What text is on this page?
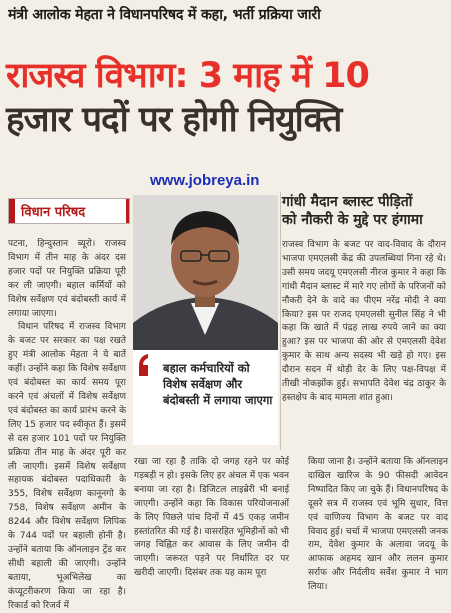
मंत्री आलोक मेहता ने विधानपरिषद में कहा, भर्ती प्रक्रिया जारी
राजस्व विभाग: 3 माह में 10
हजार पदों पर होगी नियुक्ति
www.jobreya.in
विधान परिषद

पटना, हिन्दुस्तान ब्यूरो। राजस्व विभाग में तीन माह के अंदर दस हजार पदों पर नियुक्ति प्रक्रिया पूरी कर ली जाएगी। बहाल कर्मियों को विशेष सर्वेक्षण एवं बंदोबस्ती कार्य में लगाया जाएगा।

विधान परिषद में राजस्व विभाग के बजट पर सरकार का पक्ष रखते हुए मंत्री आलोक मेहता ने ये बातें कहीं। उन्होंने कहा कि विशेष सर्वेक्षण एवं बंदोबस्त का कार्य समय पूरा करने एवं अंचलों में विशेष सर्वेक्षण एवं बंदोबस्त का कार्य प्रारंभ करने के लिए 15 हजार पद स्वीकृत हैं। इसमें से दस हजार 101 पदों पर नियुक्ति प्रक्रिया तीन माह के अंदर पूरी कर ली जाएगी। इसमें विशेष सर्वेक्षण सहायक बंदोबस्त पदाधिकारी के 355, विशेष सर्वेक्षण कानूनगो के 758, विशेष सर्वेक्षण अमीन के 8244 और विशेष सर्वेक्षण लिपिक के 744 पदों पर बहाली होनी है। उन्होंने बताया कि ऑनलाइन ट्रेंड कर सीधी बहाली की जाएगी। उन्होंने बताया, भूअभिलेख का कंप्यूटरीकरण किया जा रहा है। रिकार्ड को रिजर्व में

बहाल कर्मचारियों को विशेष सर्वेक्षण और बंदोबस्ती में लगाया जाएगा

रखा जा रहा है ताकि दो जगह रहने पर कोई गड़बड़ी न हो। इसके लिए हर अंचल में एक भवन बनाया जा रहा है। डिजिटल लाइब्रेरी भी बनाई जाएगी। उन्होंने कहा कि विकास परियोजनाओं के लिए पिछले पांच दिनों में 45 एकड़ जमीन हस्तांतरित की गई है। वासरहित भूमिहीनों को भी जगह चिह्नित कर आवास के लिए जमीन दी जाएगी। जरूरत पड़ने पर निर्धारित दर पर खरीदी जाएगी। दिसंबर तक यह काम पूरा

किया जाना है। उन्होंने बताया कि ऑनलाइन दाखिल खारिज के 90 फीसदी आवेदन निष्पादित किए जा चुके हैं। विधानपरिषद के दूसरे सत्र में राजस्व एवं भूमि सुधार, वित्त एवं वाणिज्य विभाग के बजट पर वाद विवाद हुई। चर्चा में भाजपा एमएलसी जनक राम, देवेश कुमार के अलावा जदयू के आफाक अहमद खान और ललन कुमार सर्राफ और निर्दलीय सर्वेश कुमार ने भाग लिया।

गांधी मैदान ब्लास्ट पीड़ितों
को नौकरी के मुद्दे पर हंगामा

राजस्व विभाग के बजट पर वाद-विवाद के दौरान भाजपा एमएलसी केंद्र की उपलब्धियां गिना रहे थे। उसी समय जदयू एमएलसी नीरज कुमार ने कहा कि गांधी मैदान ब्लास्ट में मारे गए लोगों के परिजनों को नौकरी देने के वादे का पीएम नरेंद्र मोदी ने क्या किया? इस पर राजद एमएलसी सुनील सिंह ने भी कहा कि खाते में पंद्रह लाख रुपये जाने का क्या हुआ? इस पर भाजपा की ओर से एमएलसी देवेश कुमार के साथ अन्य सदस्य भी खड़े हो गए। इस दौरान सदन में थोड़ी देर के लिए पक्ष-विपक्ष में तीखी नोकझोंक हुई। सभापति देवेश चंद्र ठाकुर के हस्तक्षेप के बाद मामला शांत हुआ।
